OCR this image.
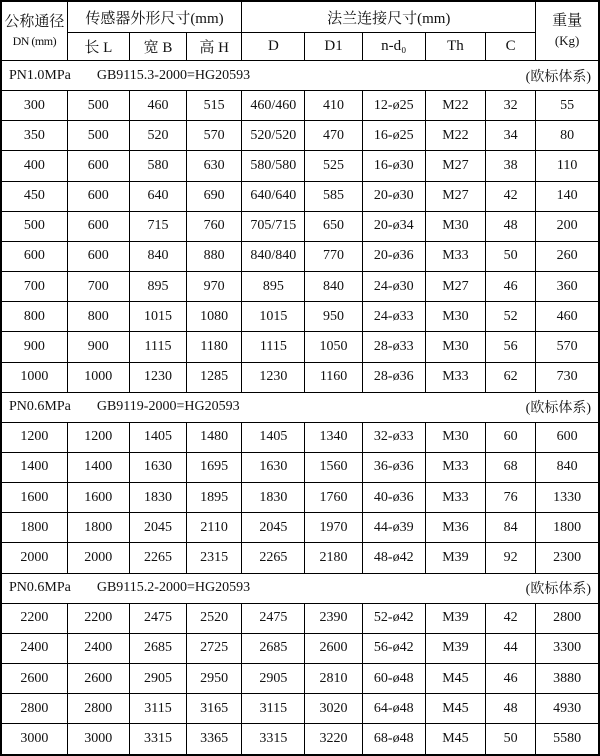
公称通径
DN (mm)
	传感器外形尺寸(mm)	法兰连接尺寸(mm)	重量
(Kg)

	长 L	宽 B	高 H	D	D1	n-d₀	Th	C	

PN1.0MPa GB9115.3-2000=HG20593 (欧标体系)									

300	500	460	515	460/460	410	12-ø25	M22	32	55
350	500	520	570	520/520	470	16-ø25	M22	34	80
400	600	580	630	580/580	525	16-ø30	M27	38	110
450	600	640	690	640/640	585	20-ø30	M27	42	140
500	600	715	760	705/715	650	20-ø34	M30	48	200
600	600	840	880	840/840	770	20-ø36	M33	50	260
700	700	895	970	895	840	24-ø30	M27	46	360
800	800	1015	1080	1015	950	24-ø33	M30	52	460
900	900	1115	1180	1115	1050	28-ø33	M30	56	570
1000	1000	1230	1285	1230	1160	28-ø36	M33	62	730

PN0.6MPa GB9119-2000=HG20593 (欧标体系)									

1200	1200	1405	1480	1405	1340	32-ø33	M30	60	600
1400	1400	1630	1695	1630	1560	36-ø36	M33	68	840
1600	1600	1830	1895	1830	1760	40-ø36	M33	76	1330
1800	1800	2045	2110	2045	1970	44-ø39	M36	84	1800
2000	2000	2265	2315	2265	2180	48-ø42	M39	92	2300

PN0.6MPa GB9115.2-2000=HG20593 (欧标体系)									

2200	2200	2475	2520	2475	2390	52-ø42	M39	42	2800
2400	2400	2685	2725	2685	2600	56-ø42	M39	44	3300
2600	2600	2905	2950	2905	2810	60-ø48	M45	46	3880
2800	2800	3115	3165	3115	3020	64-ø48	M45	48	4930
3000	3000	3315	3365	3315	3220	68-ø48	M45	50	5580
